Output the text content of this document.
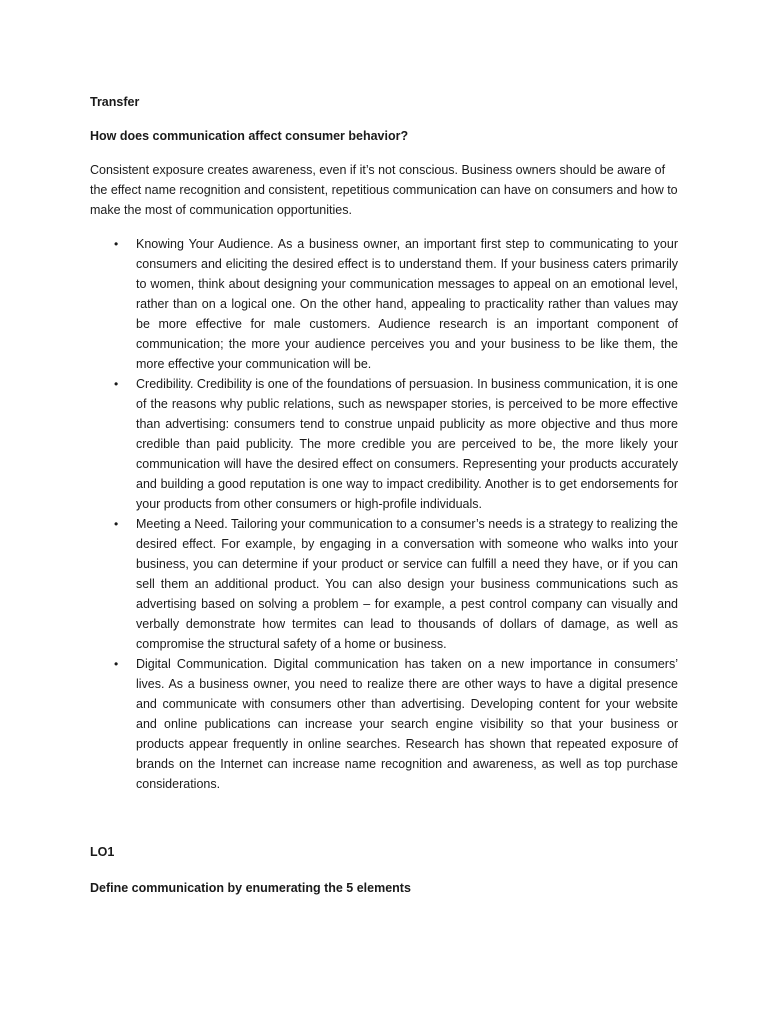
Transfer
How does communication affect consumer behavior?
Consistent exposure creates awareness, even if it’s not conscious. Business owners should be aware of the effect name recognition and consistent, repetitious communication can have on consumers and how to make the most of communication opportunities.
• Knowing Your Audience. As a business owner, an important first step to communicating to your consumers and eliciting the desired effect is to understand them. If your business caters primarily to women, think about designing your communication messages to appeal on an emotional level, rather than on a logical one. On the other hand, appealing to practicality rather than values may be more effective for male customers. Audience research is an important component of communication; the more your audience perceives you and your business to be like them, the more effective your communication will be.
• Credibility. Credibility is one of the foundations of persuasion. In business communication, it is one of the reasons why public relations, such as newspaper stories, is perceived to be more effective than advertising: consumers tend to construe unpaid publicity as more objective and thus more credible than paid publicity. The more credible you are perceived to be, the more likely your communication will have the desired effect on consumers. Representing your products accurately and building a good reputation is one way to impact credibility. Another is to get endorsements for your products from other consumers or high-profile individuals.
• Meeting a Need. Tailoring your communication to a consumer’s needs is a strategy to realizing the desired effect. For example, by engaging in a conversation with someone who walks into your business, you can determine if your product or service can fulfill a need they have, or if you can sell them an additional product. You can also design your business communications such as advertising based on solving a problem – for example, a pest control company can visually and verbally demonstrate how termites can lead to thousands of dollars of damage, as well as compromise the structural safety of a home or business.
• Digital Communication. Digital communication has taken on a new importance in consumers’ lives. As a business owner, you need to realize there are other ways to have a digital presence and communicate with consumers other than advertising. Developing content for your website and online publications can increase your search engine visibility so that your business or products appear frequently in online searches. Research has shown that repeated exposure of brands on the Internet can increase name recognition and awareness, as well as top purchase considerations.
LO1
Define communication by enumerating the 5 elements
